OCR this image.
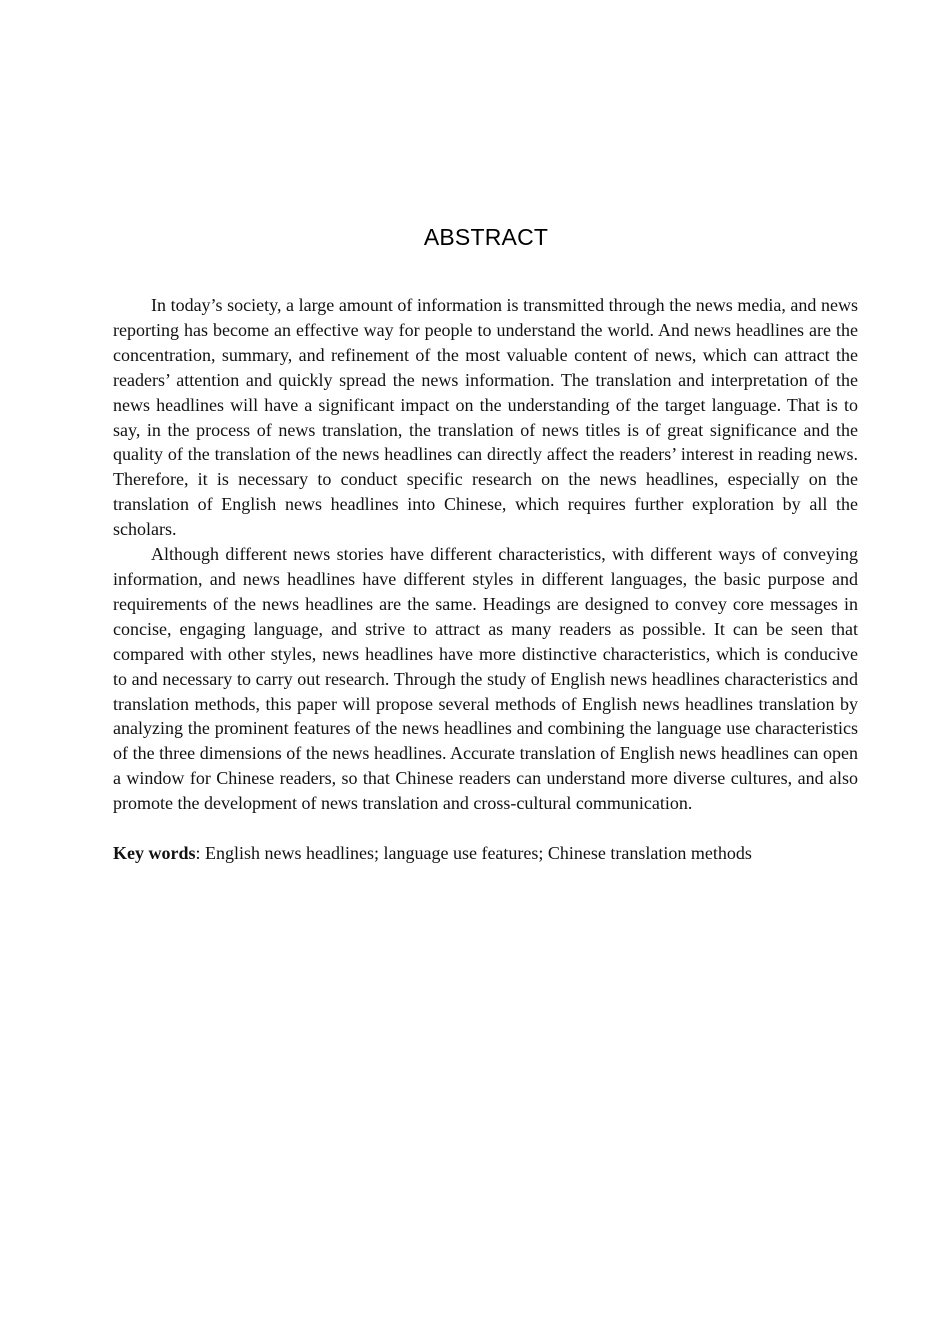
ABSTRACT

In today’s society, a large amount of information is transmitted through the news media, and news reporting has become an effective way for people to understand the world. And news headlines are the concentration, summary, and refinement of the most valuable content of news, which can attract the readers’ attention and quickly spread the news information. The translation and interpretation of the news headlines will have a significant impact on the understanding of the target language. That is to say, in the process of news translation, the translation of news titles is of great significance and the quality of the translation of the news headlines can directly affect the readers’ interest in reading news. Therefore, it is necessary to conduct specific research on the news headlines, especially on the translation of English news headlines into Chinese, which requires further exploration by all the scholars.

Although different news stories have different characteristics, with different ways of conveying information, and news headlines have different styles in different languages, the basic purpose and requirements of the news headlines are the same. Headings are designed to convey core messages in concise, engaging language, and strive to attract as many readers as possible. It can be seen that compared with other styles, news headlines have more distinctive characteristics, which is conducive to and necessary to carry out research. Through the study of English news headlines characteristics and translation methods, this paper will propose several methods of English news headlines translation by analyzing the prominent features of the news headlines and combining the language use characteristics of the three dimensions of the news headlines. Accurate translation of English news headlines can open a window for Chinese readers, so that Chinese readers can understand more diverse cultures, and also promote the development of news translation and cross-cultural communication.

Key words: English news headlines; language use features; Chinese translation methods
